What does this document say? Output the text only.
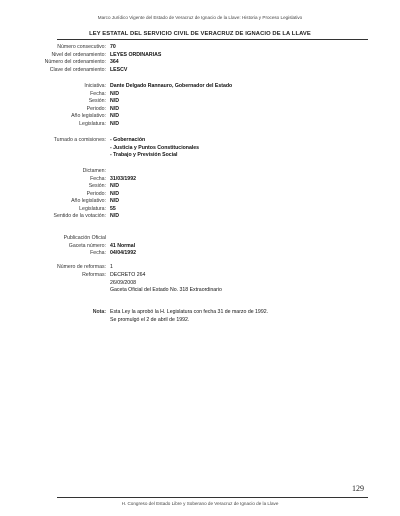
Marco Jurídico Vigente del Estado de Veracruz de Ignacio de la Llave: Historia y Proceso Legislativo
LEY ESTATAL DEL SERVICIO CIVIL DE VERACRUZ DE IGNACIO DE LA LLAVE
Número consecutivo: 70
Nivel del ordenamiento: LEYES ORDINARIAS
Número del ordenamiento: 364
Clave del ordenamiento: LESCV
Iniciativa: Dante Delgado Rannauro, Gobernador del Estado
Fecha: N/D
Sesión: N/D
Periodo: N/D
Año legislativo: N/D
Legislatura: N/D
Turnado a comisiones: - Gobernación
- Justicia y Puntos Constitucionales
- Trabajo y Previsión Social
Dictamen:
Fecha: 31/03/1992
Sesión: N/D
Periodo: N/D
Año legislativo: N/D
Legislatura: 55
Sentido de la votación: N/D
Publicación Oficial
Gaceta número: 41 Normal
Fecha: 04/04/1992
Número de reformas: 1
Reformas: DECRETO 264
26/09/2008
Gaceta Oficial del Estado No. 318 Extraordinario
Nota: Esta Ley la aprobó la H. Legislatura con fecha 31 de marzo de 1992.
Se promulgó el 2 de abril de 1992.
129
H. Congreso del Estado Libre y Soberano de Veracruz de Ignacio de la Llave
